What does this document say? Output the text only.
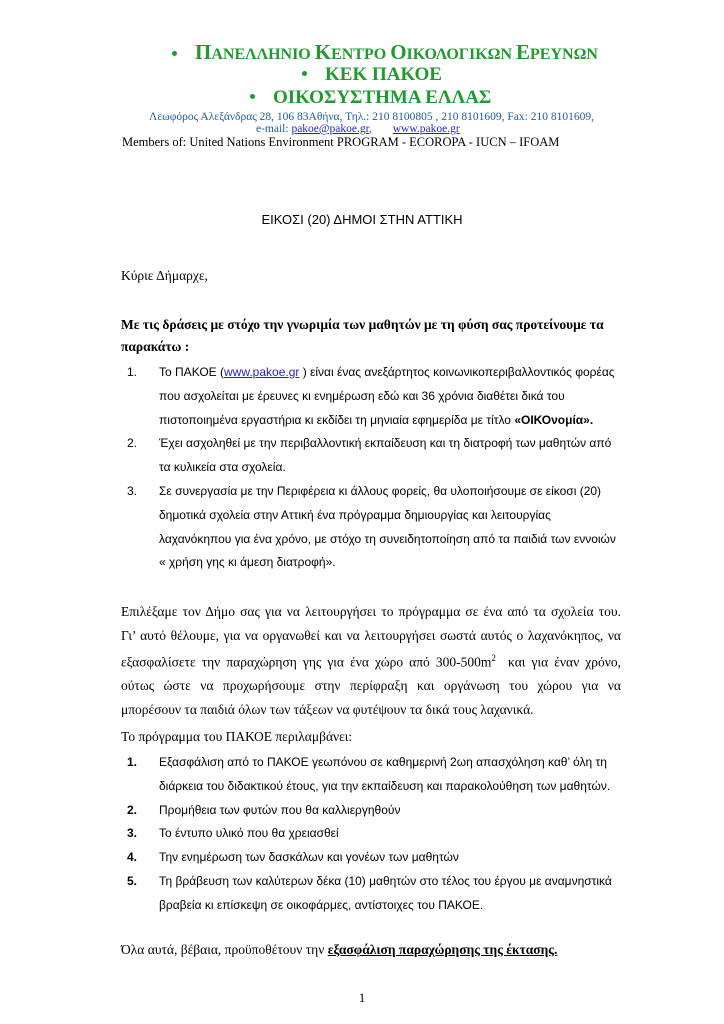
ΠΑΝΕΛΛΗΝΙΟ ΚΕΝΤΡΟ ΟΙΚΟΛΟΓΙΚΩΝ ΕΡΕΥΝΩΝ
ΚΕΚ ΠΑΚΟΕ
ΟΙΚΟΣΥΣΤΗΜΑ ΕΛΛΑΣ
Λεωφόρος Αλεξάνδρας 28, 106 83Αθήνα, Τηλ.: 210 8100805 , 210 8101609, Fax: 210 8101609,
e-mail: pakoe@pakoe.gr, www.pakoe.gr
Members of: United Nations Environment PROGRAM - ECOROPA - IUCN – IFOAM
ΕΙΚΟΣΙ (20) ΔΗΜΟΙ ΣΤΗΝ ΑΤΤΙΚΗ
Κύριε Δήμαρχε,
Με τις δράσεις με στόχο την γνωριμία των μαθητών με τη φύση σας προτείνουμε τα παρακάτω :
1. Το ΠΑΚΟΕ (www.pakoe.gr ) είναι ένας ανεξάρτητος κοινωνικοπεριβαλλοντικός φορέας που ασχολείται με έρευνες κι ενημέρωση εδώ και 36 χρόνια διαθέτει δικά του πιστοποιημένα εργαστήρια κι εκδίδει τη μηνιαία εφημερίδα με τίτλο «ΟΙΚΟνομία».
2. Έχει ασχοληθεί με την περιβαλλοντική εκπαίδευση και τη διατροφή των μαθητών από τα κυλικεία στα σχολεία.
3. Σε συνεργασία με την Περιφέρεια κι άλλους φορείς, θα υλοποιήσουμε σε είκοσι (20) δημοτικά σχολεία στην Αττική ένα πρόγραμμα δημιουργίας και λειτουργίας λαχανόκηπου για ένα χρόνο, με στόχο τη συνειδητοποίηση από τα παιδιά των εννοιών « χρήση γης κι άμεση διατροφή».
Επιλέξαμε τον Δήμο σας για να λειτουργήσει το πρόγραμμα σε ένα από τα σχολεία του.
Γι’ αυτό θέλουμε, για να οργανωθεί και να λειτουργήσει σωστά αυτός ο λαχανόκηπος, να
εξασφαλίσετε την παραχώρηση γης για ένα χώρο από $300-500m^2$  και για έναν χρόνο,
ούτως ώστε να προχωρήσουμε στην περίφραξη και οργάνωση του χώρου για να
μπορέσουν τα παιδιά όλων των τάξεων να φυτέψουν τα δικά τους λαχανικά.
Το πρόγραμμα του ΠΑΚΟΕ περιλαμβάνει:
1. Εξασφάλιση από το ΠΑΚΟΕ γεωπόνου σε καθημερινή 2ωη απασχόληση καθ’ όλη τη διάρκεια του διδακτικού έτους, για την εκπαίδευση και παρακολούθηση των μαθητών.
2. Προμήθεια των φυτών που θα καλλιεργηθούν
3. Το έντυπο υλικό που θα χρειασθεί
4. Την ενημέρωση των δασκάλων και γονέων των μαθητών
5. Τη βράβευση των καλύτερων δέκα (10) μαθητών στο τέλος του έργου με αναμνηστικά βραβεία κι επίσκεψη σε οικοφάρμες, αντίστοιχες του ΠΑΚΟΕ.
Όλα αυτά, βέβαια, προϋποθέτουν την εξασφάλιση παραχώρησης της έκτασης.
1
